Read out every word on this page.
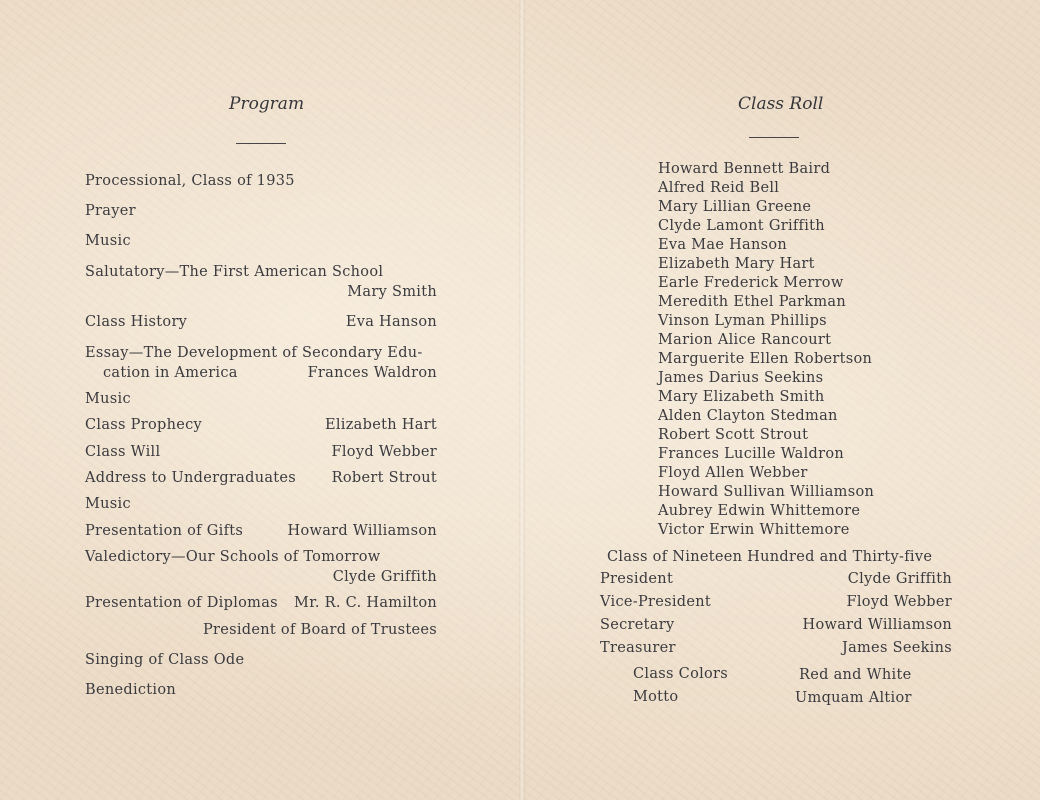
Program
Processional, Class of 1935
Prayer
Music
Salutatory—The First American School
Mary Smith
Class History	Eva Hanson
Essay—The Development of Secondary Edu-
cation in America	Frances Waldron
Music
Class Prophecy	Elizabeth Hart
Class Will	Floyd Webber
Address to Undergraduates Robert Strout
Music
Presentation of Gifts	Howard Williamson
Valedictory—Our Schools of Tomorrow
Clyde Griffith
Presentation of Diplomas Mr. R. C. Hamilton
President of Board of Trustees
Singing of Class Ode
Benediction
Class Roll
Howard Bennett Baird
Alfred Reid Bell
Mary Lillian Greene
Clyde Lamont Griffith
Eva Mae Hanson
Elizabeth Mary Hart
Earle Frederick Merrow
Meredith Ethel Parkman
Vinson Lyman Phillips
Marion Alice Rancourt
Marguerite Ellen Robertson
James Darius Seekins
Mary Elizabeth Smith
Alden Clayton Stedman
Robert Scott Strout
Frances Lucille Waldron
Floyd Allen Webber
Howard Sullivan Williamson
Aubrey Edwin Whittemore
Victor Erwin Whittemore
Class of Nineteen Hundred and Thirty-five
President	Clyde Griffith
Vice-President	Floyd Webber
Secretary	Howard Williamson
Treasurer	James Seekins
Class Colors	Red and White
Motto	Umquam Altior
